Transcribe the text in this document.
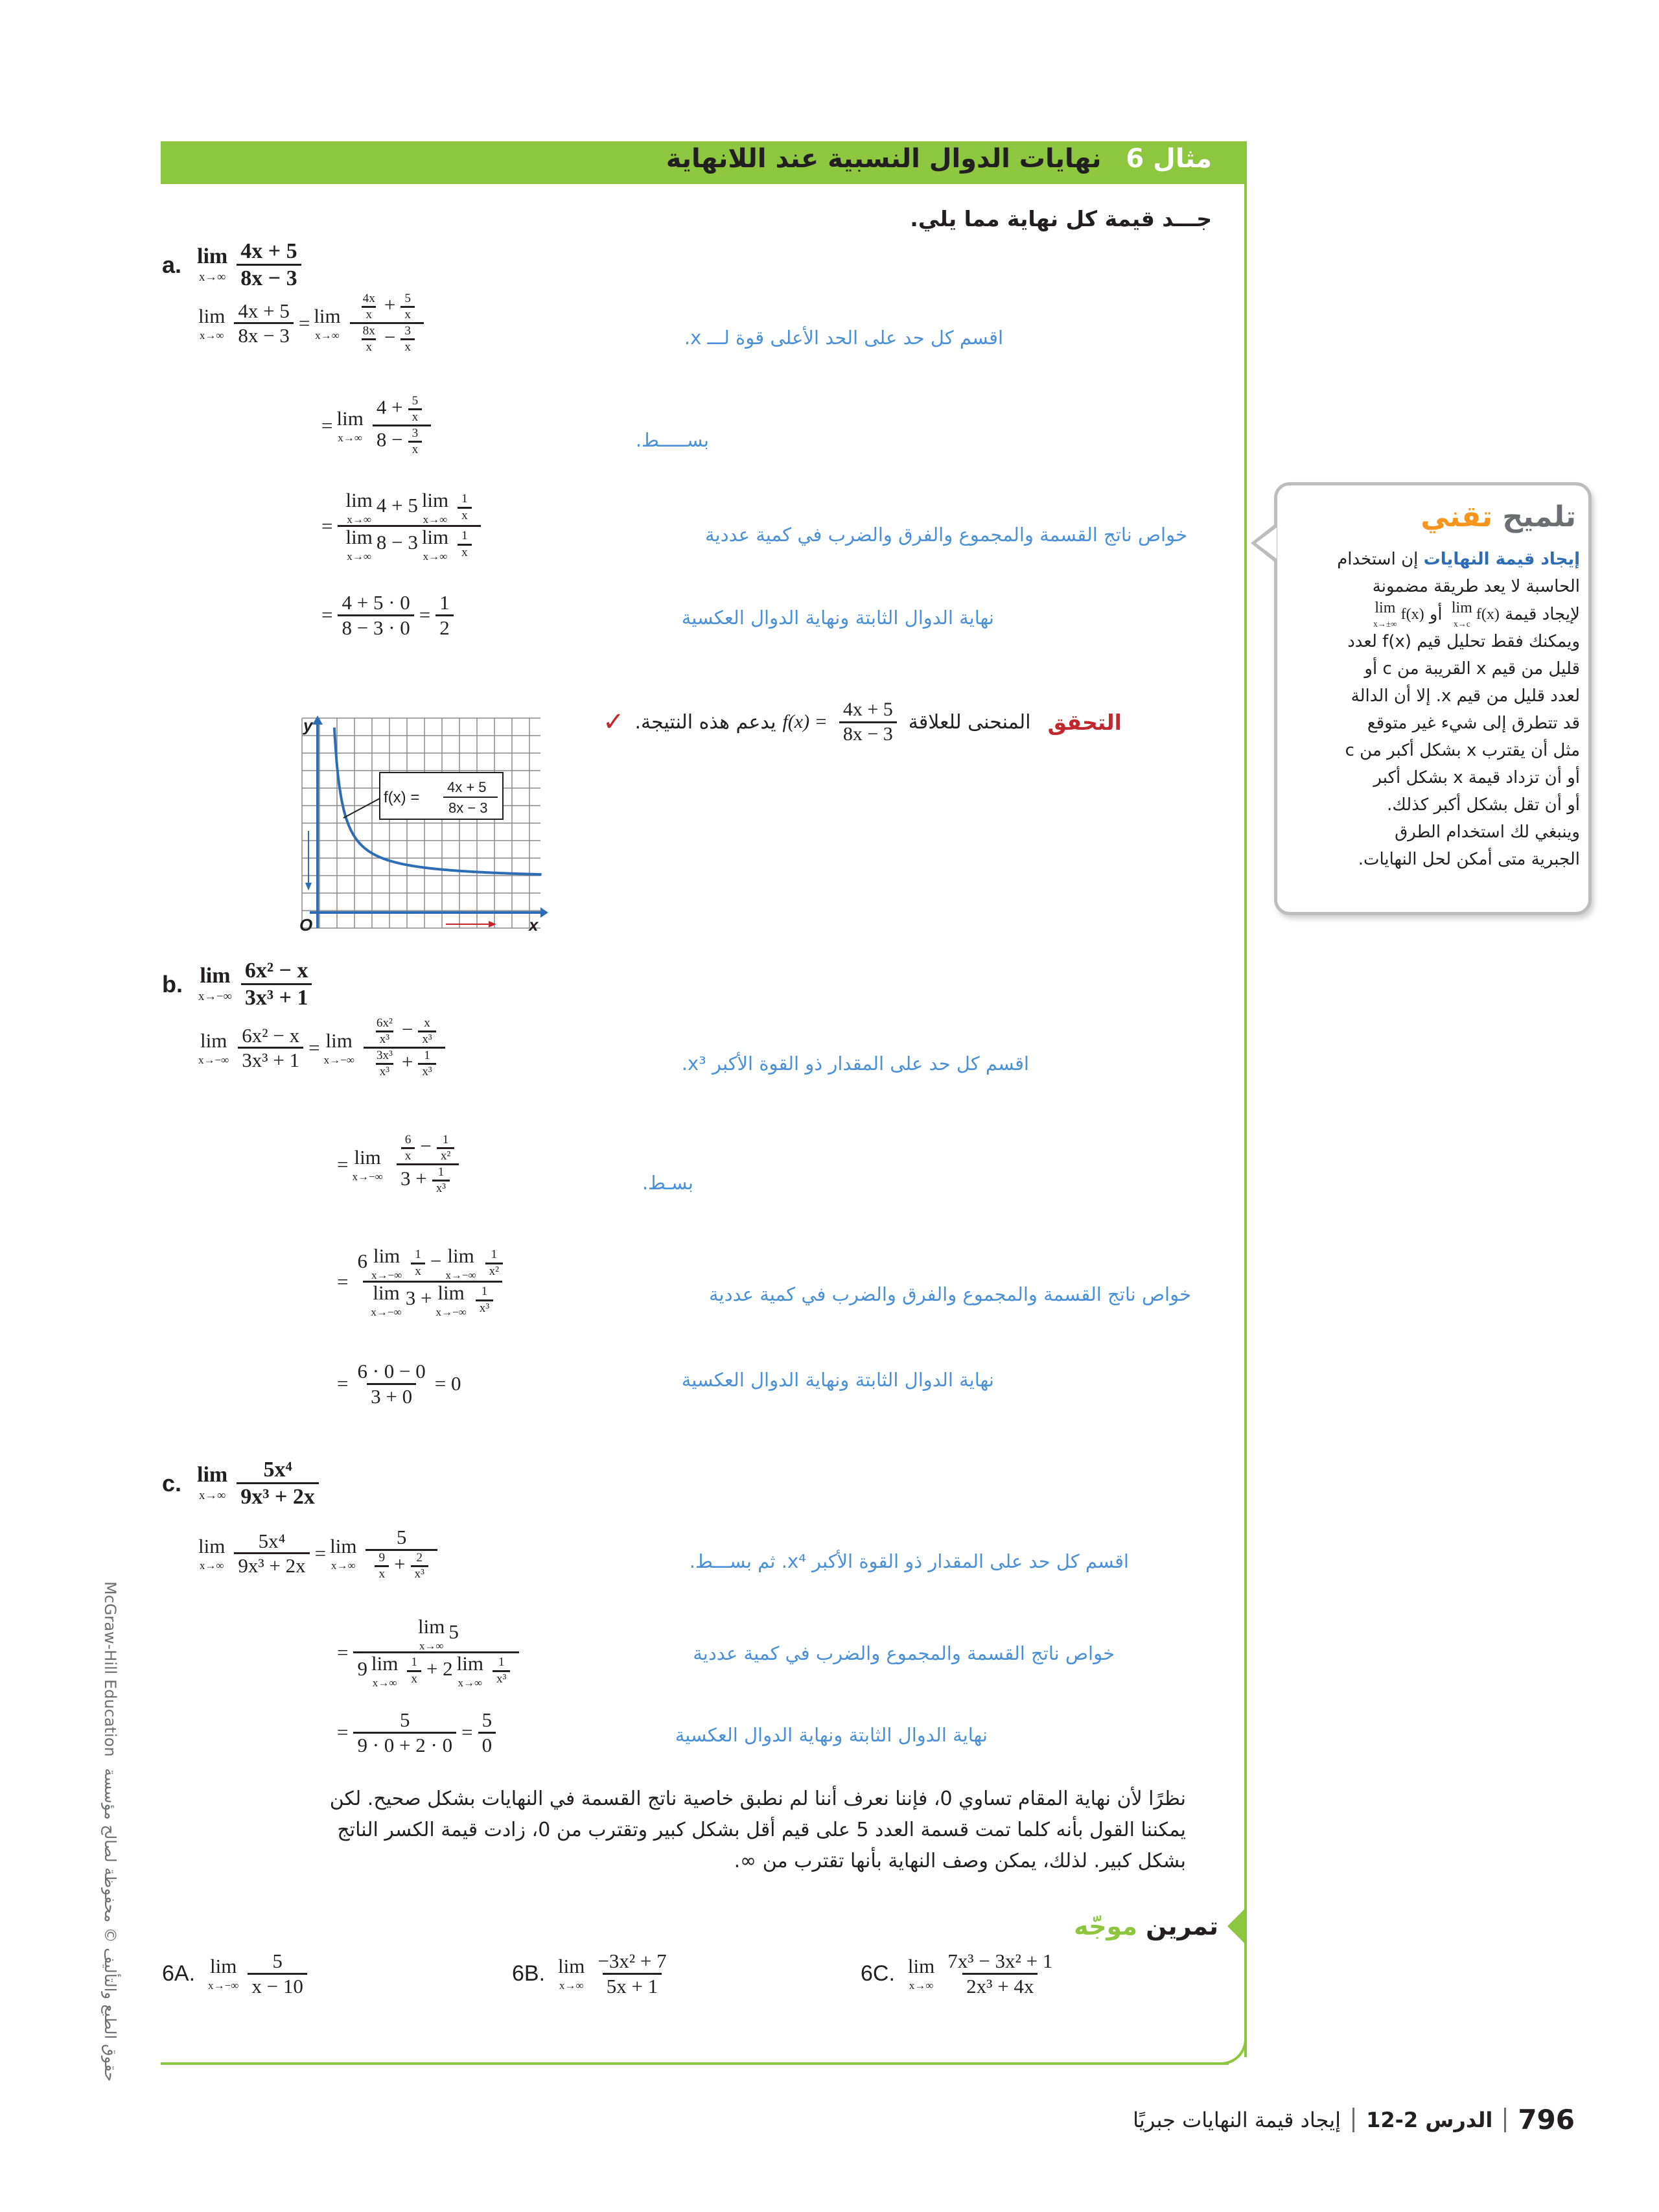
مثال 6 نهايات الدوال النسبية عند اللانهاية
جـــد قيمة كل نهاية مما يلي.
a. lim
x→∞
4x + 5
8x − 3
lim
$x\to\infty \frac{4x + 5}{8x - 3} = \lim$
x→∞
$\frac{4x}{x} + \frac{5}{x}$
$\frac{8x}{x} - \frac{3}{x}$	اقسم كل حد على الحد الأعلى قوة لـــ x.
= lim
x→∞
$4 + \frac{5}{x}$
$8 - \frac{3}{x}$	بســـــط.
= lim
x→∞
4 + 5 lim
$x\to\infty \frac{1}{x}$
lim
x→∞
8 − 3 lim
$x\to\infty \frac{1}{x}$	خواص ناتج القسمة والمجموع والفرق والضرب في كمية عددية
= $\frac{4 + 5 \cdot 0}{8 - 3 \cdot 0} = \frac{1}{2}$	نهاية الدوال الثابتة ونهاية الدوال العكسية
✓ يدعم هذه النتيجة. $f(x) = \frac{4x + 5}{8x - 3}$ المنحنى للعلاقة التحقق
y
x
O
f(x) =
4x + 5
8x − 3
b. lim
x→−∞
6x² − x
3x³ + 1
lim
$x\to-\infty \frac{\text{6x² − x}}{\text{3x³ + 1}} = \lim$
x→−∞
$\frac{\text{6x²}}{\text{x³}} - \frac{x}{\text{x³}}$
$\frac{\text{3x³}}{\text{x³}} + \frac{1}{\text{x³}}$	اقسم كل حد على المقدار ذو القوة الأكبر x³.
= lim
x→−∞
$\frac{6}{x} - \frac{1}{\text{x²}}$
$3 + \frac{1}{\text{x³}}$	بسـط.
= 6 lim
$x\to-\infty \frac{1}{x} - \lim$
$x\to-\infty \frac{1}{\text{x²}}$
lim
x→−∞
3 + lim
$x\to-\infty \frac{1}{\text{x³}}$	خواص ناتج القسمة والمجموع والفرق والضرب في كمية عددية
= $\frac{6 \cdot 0 - 0}{3 + 0}$ =
0	نهاية الدوال الثابتة ونهاية الدوال العكسية
c. lim
x→∞
5x⁴
9x³ + 2x
lim
$x\to\infty \frac{\text{5x⁴}}{\text{9x³ + 2x}} = \lim$
x→∞
5
$\frac{9}{x} + \frac{2}{\text{x³}}$	اقسم كل حد على المقدار ذو القوة الأكبر x⁴. ثم بســـط.
= lim
x→∞
5
9 lim
$x\to\infty \frac{1}{x} + 2$ lim
$x\to\infty \frac{1}{\text{x³}}$	خواص ناتج القسمة والمجموع والضرب في كمية عددية
= $\frac{5}{9 \cdot 0 + 2 \cdot 0} = \frac{5}{0}$	نهاية الدوال الثابتة ونهاية الدوال العكسية
نظرًا لأن نهاية المقام تساوي 0، فإننا نعرف أننا لم نطبق خاصية ناتج القسمة في النهايات بشكل صحيح. لكن
يمكننا القول بأنه كلما تمت قسمة العدد 5 على قيم أقل بشكل كبير وتقترب من 0، زادت قيمة الكسر الناتج
بشكل كبير. لذلك، يمكن وصف النهاية بأنها تقترب من ∞.
تمرين موجّه
6A. lim
x→−∞
5
x − 10
6B. lim
x→∞
−3x² + 7
5x + 1
6C. lim
x→∞
7x³ − 3x² + 1
2x³ + 4x
تلميح تقني
إيجاد قيمة النهايات

إن استخدام
الحاسبة لا يعد طريقة مضمونة
لإيجاد قيمة

lim
x→c
f(x)

أو

lim
x→±∞
f(x)
ويمكنك فقط تحليل قيم f(x) لعدد
قليل من قيم x القريبة من c أو
لعدد قليل من قيم x. إلا أن الدالة
قد تتطرق إلى شيء غير متوقع
مثل أن يقترب x بشكل أكبر من c
أو أن تزداد قيمة x بشكل أكبر
أو أن تقل بشكل أكبر كذلك.
وينبغي لك استخدام الطرق
الجبرية متى أمكن لحل النهايات.
McGraw-Hill Education حقوق الطبع والتأليف © محفوظة لصالح مؤسسة
إيجاد قيمة النهايات جبريًا الدرس 2-12 796
